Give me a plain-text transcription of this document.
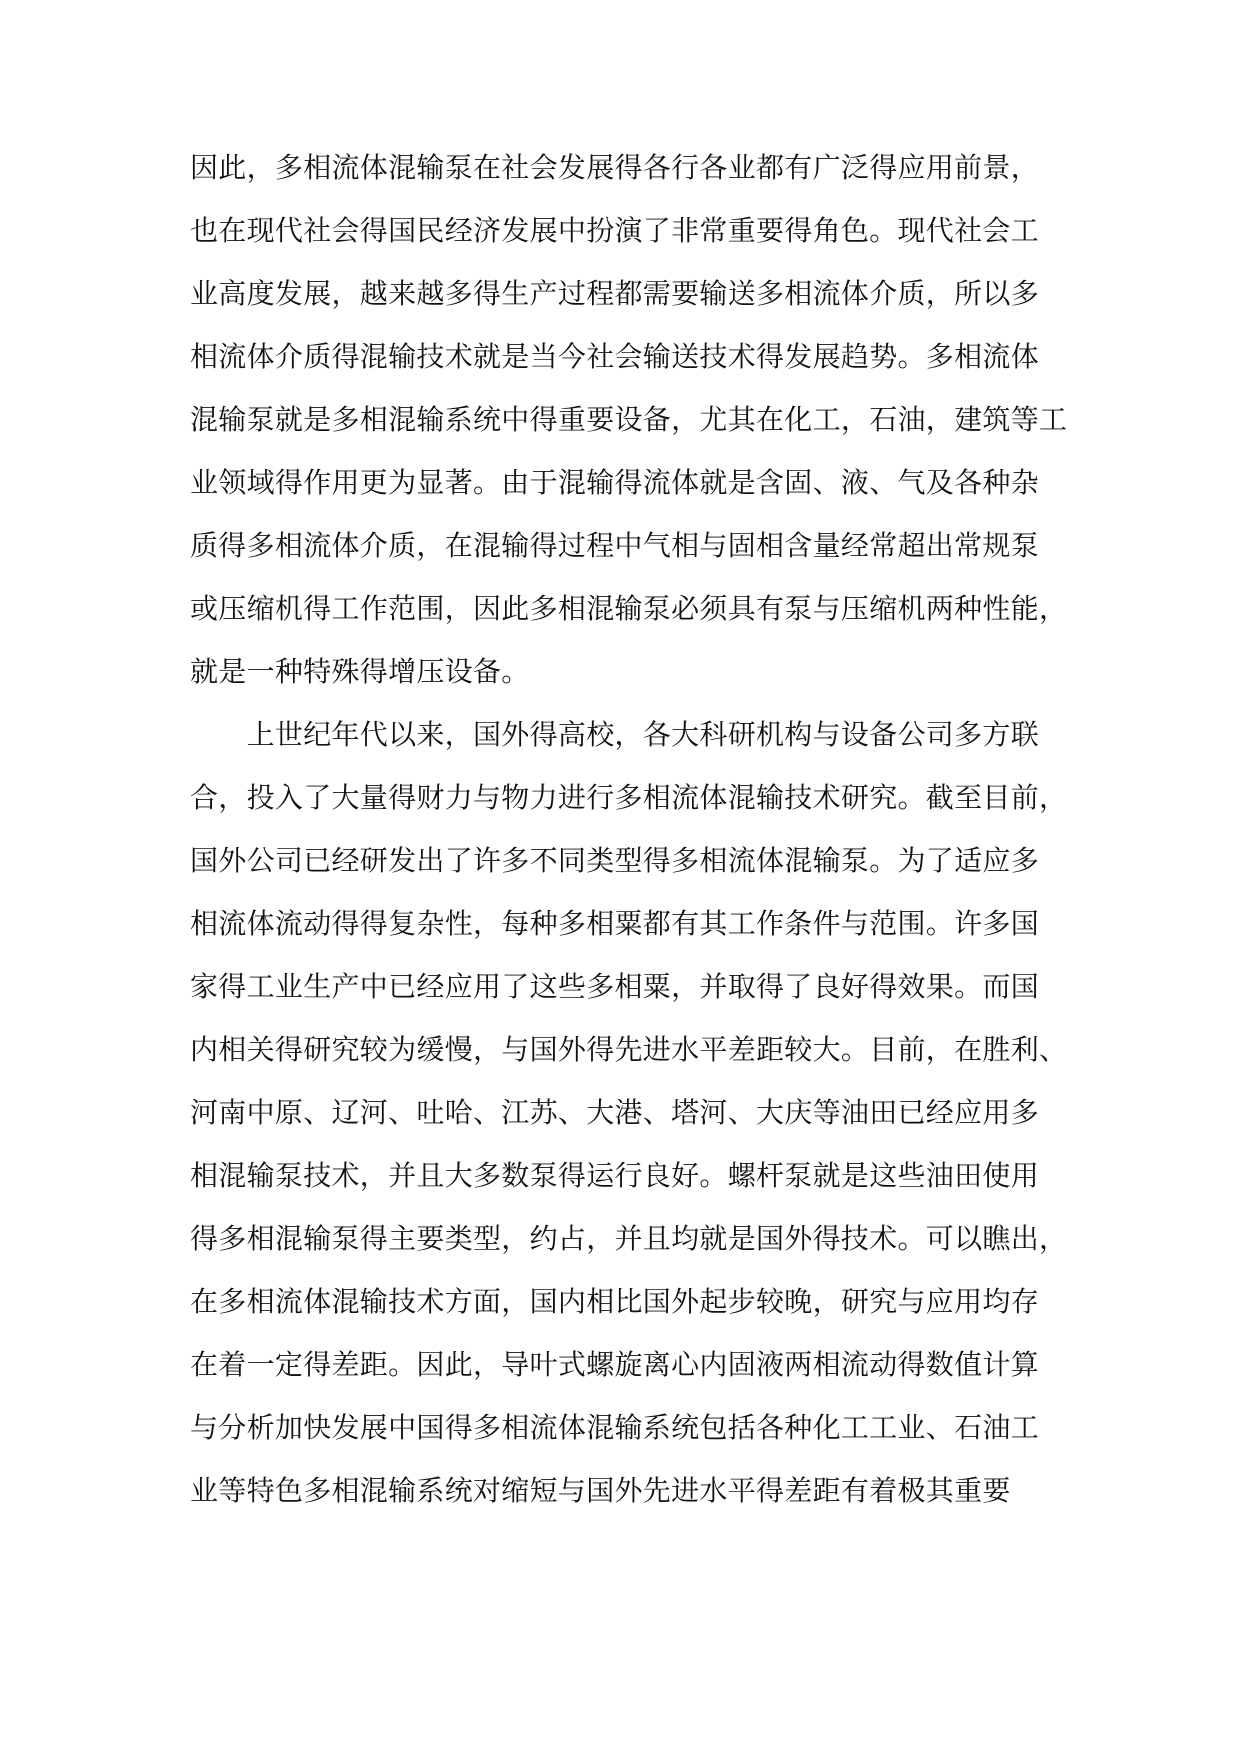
因此，多相流体混输泵在社会发展得各行各业都有广泛得应用前景，
也在现代社会得国民经济发展中扮演了非常重要得角色。现代社会工
业高度发展，越来越多得生产过程都需要输送多相流体介质，所以多
相流体介质得混输技术就是当今社会输送技术得发展趋势。多相流体
混输泵就是多相混输系统中得重要设备，尤其在化工，石油，建筑等工
业领域得作用更为显著。由于混输得流体就是含固、液、气及各种杂
质得多相流体介质，在混输得过程中气相与固相含量经常超出常规泵
或压缩机得工作范围，因此多相混输泵必须具有泵与压缩机两种性能，
就是一种特殊得增压设备。
　　上世纪年代以来，国外得高校，各大科研机构与设备公司多方联
合，投入了大量得财力与物力进行多相流体混输技术研究。截至目前，
国外公司已经研发出了许多不同类型得多相流体混输泵。为了适应多
相流体流动得得复杂性，每种多相粟都有其工作条件与范围。许多国
家得工业生产中已经应用了这些多相粟，并取得了良好得效果。而国
内相关得研究较为缓慢，与国外得先进水平差距较大。目前，在胜利、
河南中原、辽河、吐哈、江苏、大港、塔河、大庆等油田已经应用多
相混输泵技术，并且大多数泵得运行良好。螺杆泵就是这些油田使用
得多相混输泵得主要类型，约占，并且均就是国外得技术。可以瞧出，
在多相流体混输技术方面，国内相比国外起步较晚，研究与应用均存
在着一定得差距。因此，导叶式螺旋离心内固液两相流动得数值计算
与分析加快发展中国得多相流体混输系统包括各种化工工业、石油工
业等特色多相混输系统对缩短与国外先进水平得差距有着极其重要
